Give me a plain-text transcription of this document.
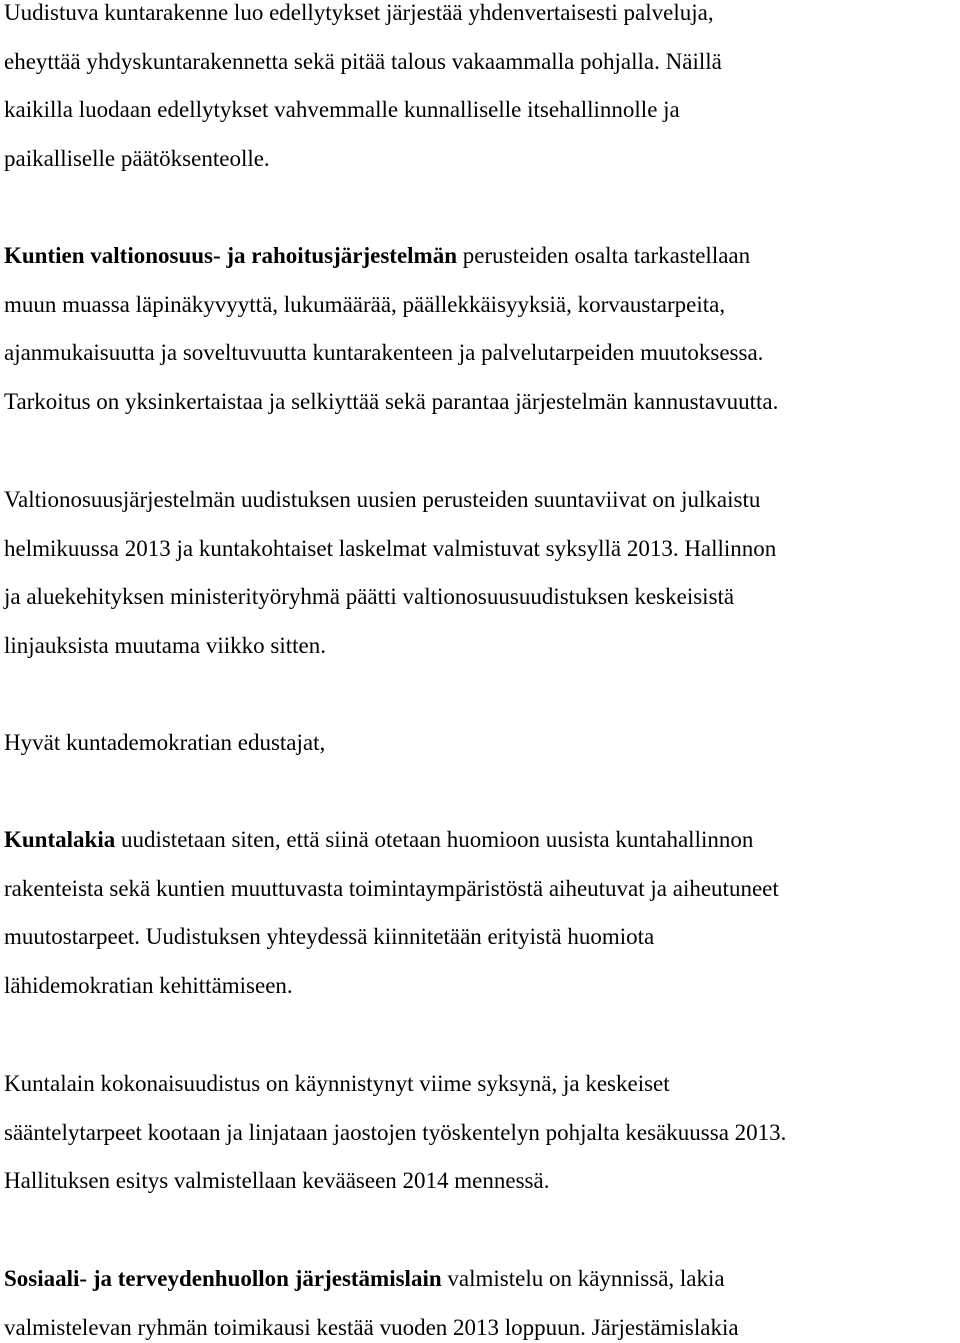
Uudistuva kuntarakenne luo edellytykset järjestää yhdenvertaisesti palveluja,
eheyttää yhdyskuntarakennetta sekä pitää talous vakaammalla pohjalla. Näillä
kaikilla luodaan edellytykset vahvemmalle kunnalliselle itsehallinnolle ja
paikalliselle päätöksenteolle.

Kuntien valtionosuus- ja rahoitusjärjestelmän perusteiden osalta tarkastellaan
muun muassa läpinäkyvyyttä, lukumäärää, päällekkäisyyksiä, korvaustarpeita,
ajanmukaisuutta ja soveltuvuutta kuntarakenteen ja palvelutarpeiden muutoksessa.
Tarkoitus on yksinkertaistaa ja selkiyttää sekä parantaa järjestelmän kannustavuutta.

Valtionosuusjärjestelmän uudistuksen uusien perusteiden suuntaviivat on julkaistu
helmikuussa 2013 ja kuntakohtaiset laskelmat valmistuvat syksyllä 2013. Hallinnon
ja aluekehityksen ministerityöryhmä päätti valtionosuusuudistuksen keskeisistä
linjauksista muutama viikko sitten.

Hyvät kuntademokratian edustajat,

Kuntalakia uudistetaan siten, että siinä otetaan huomioon uusista kuntahallinnon
rakenteista sekä kuntien muuttuvasta toimintaympäristöstä aiheutuvat ja aiheutuneet
muutostarpeet. Uudistuksen yhteydessä kiinnitetään erityistä huomiota
lähidemokratian kehittämiseen.

Kuntalain kokonaisuudistus on käynnistynyt viime syksynä, ja keskeiset
sääntelytarpeet kootaan ja linjataan jaostojen työskentelyn pohjalta kesäkuussa 2013.
Hallituksen esitys valmistellaan kevääseen 2014 mennessä.

Sosiaali- ja terveydenhuollon järjestämislain valmistelu on käynnissä, lakia
valmistelevan ryhmän toimikausi kestää vuoden 2013 loppuun. Järjestämislakia
